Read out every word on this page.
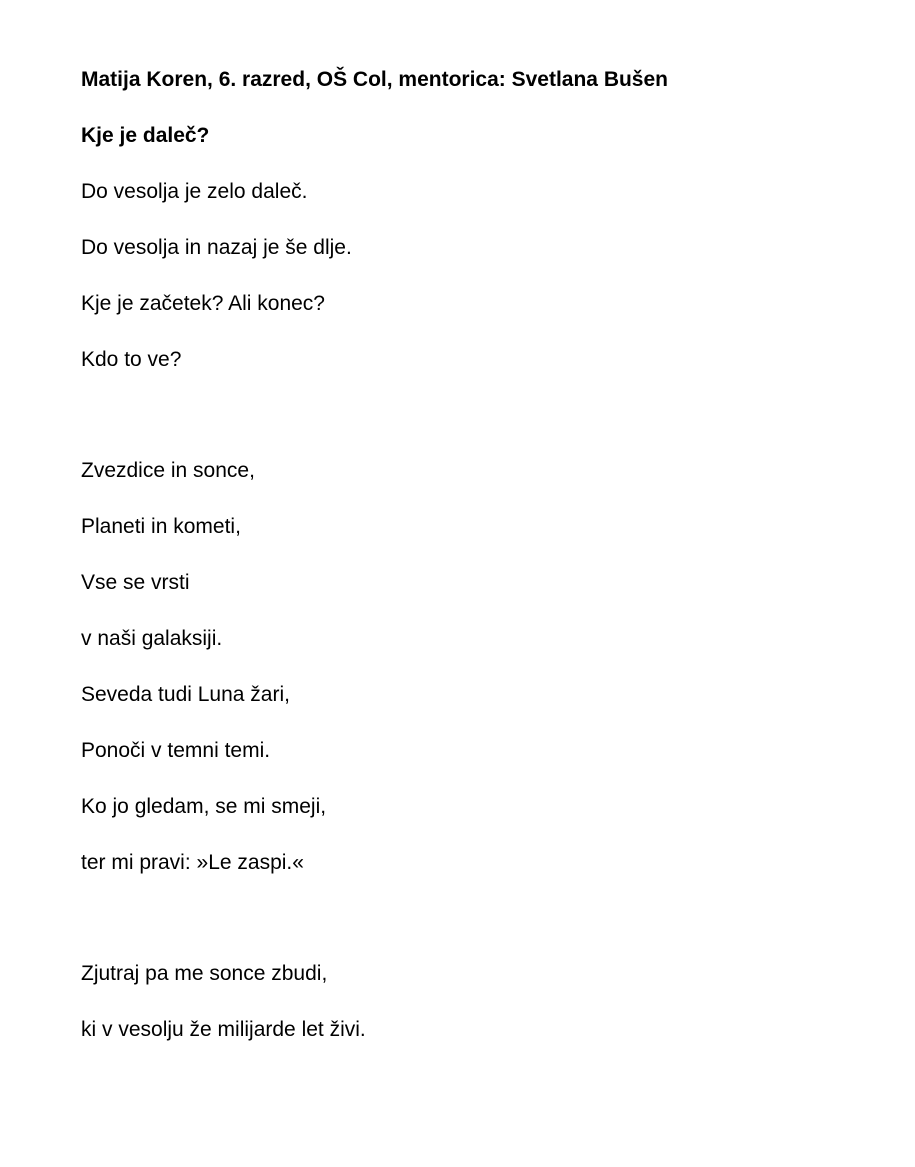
Matija Koren, 6. razred, OŠ Col, mentorica: Svetlana Bušen
Kje je daleč?
Do vesolja je zelo daleč.
Do vesolja in nazaj je še dlje.
Kje je začetek? Ali konec?
Kdo to ve?
Zvezdice in sonce,
Planeti in kometi,
Vse se vrsti
v naši galaksiji.
Seveda tudi Luna žari,
Ponoči v temni temi.
Ko jo gledam, se mi smeji,
ter mi pravi: »Le zaspi.«
Zjutraj pa me sonce zbudi,
ki v vesolju že milijarde let živi.
